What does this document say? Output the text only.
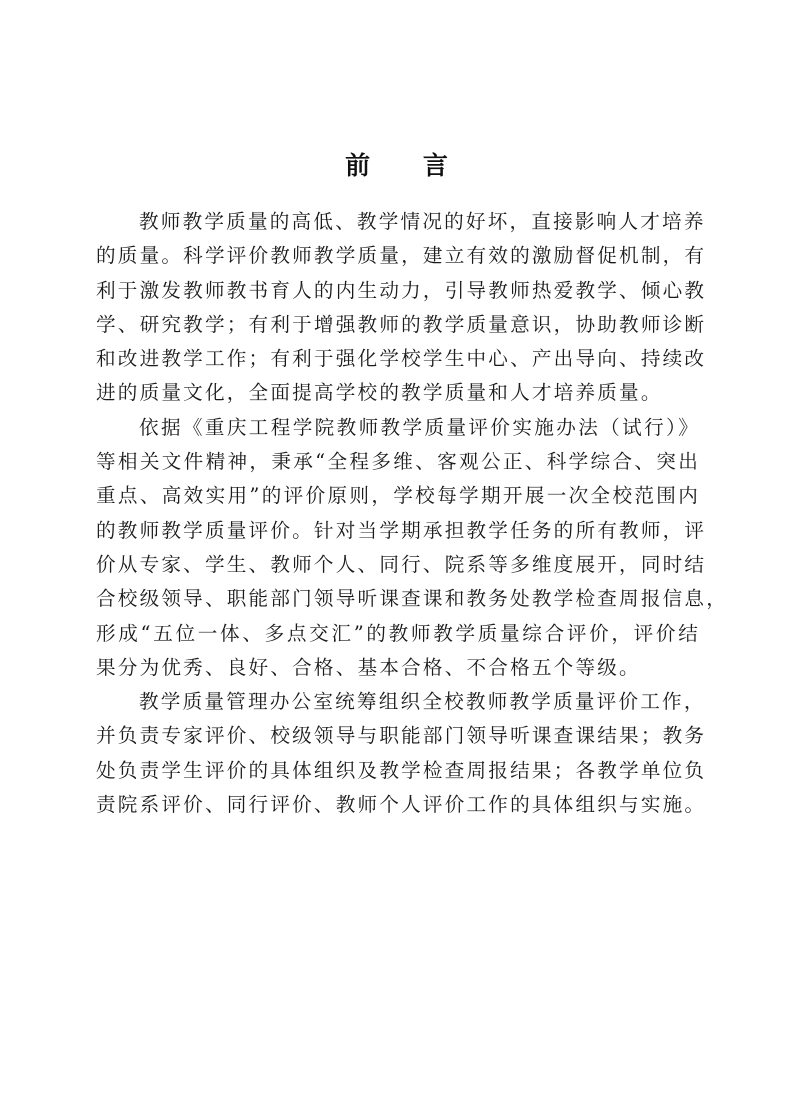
前 言
教师教学质量的高低、教学情况的好坏，直接影响人才培养
的质量。科学评价教师教学质量，建立有效的激励督促机制，有
利于激发教师教书育人的内生动力，引导教师热爱教学、倾心教
学、研究教学；有利于增强教师的教学质量意识，协助教师诊断
和改进教学工作；有利于强化学校学生中心、产出导向、持续改
进的质量文化，全面提高学校的教学质量和人才培养质量。
依据《重庆工程学院教师教学质量评价实施办法（试行）》
等相关文件精神，秉承“全程多维、客观公正、科学综合、突出
重点、高效实用”的评价原则，学校每学期开展一次全校范围内
的教师教学质量评价。针对当学期承担教学任务的所有教师，评
价从专家、学生、教师个人、同行、院系等多维度展开，同时结
合校级领导、职能部门领导听课查课和教务处教学检查周报信息，
形成“五位一体、多点交汇”的教师教学质量综合评价，评价结
果分为优秀、良好、合格、基本合格、不合格五个等级。
教学质量管理办公室统筹组织全校教师教学质量评价工作，
并负责专家评价、校级领导与职能部门领导听课查课结果；教务
处负责学生评价的具体组织及教学检查周报结果；各教学单位负
责院系评价、同行评价、教师个人评价工作的具体组织与实施。
